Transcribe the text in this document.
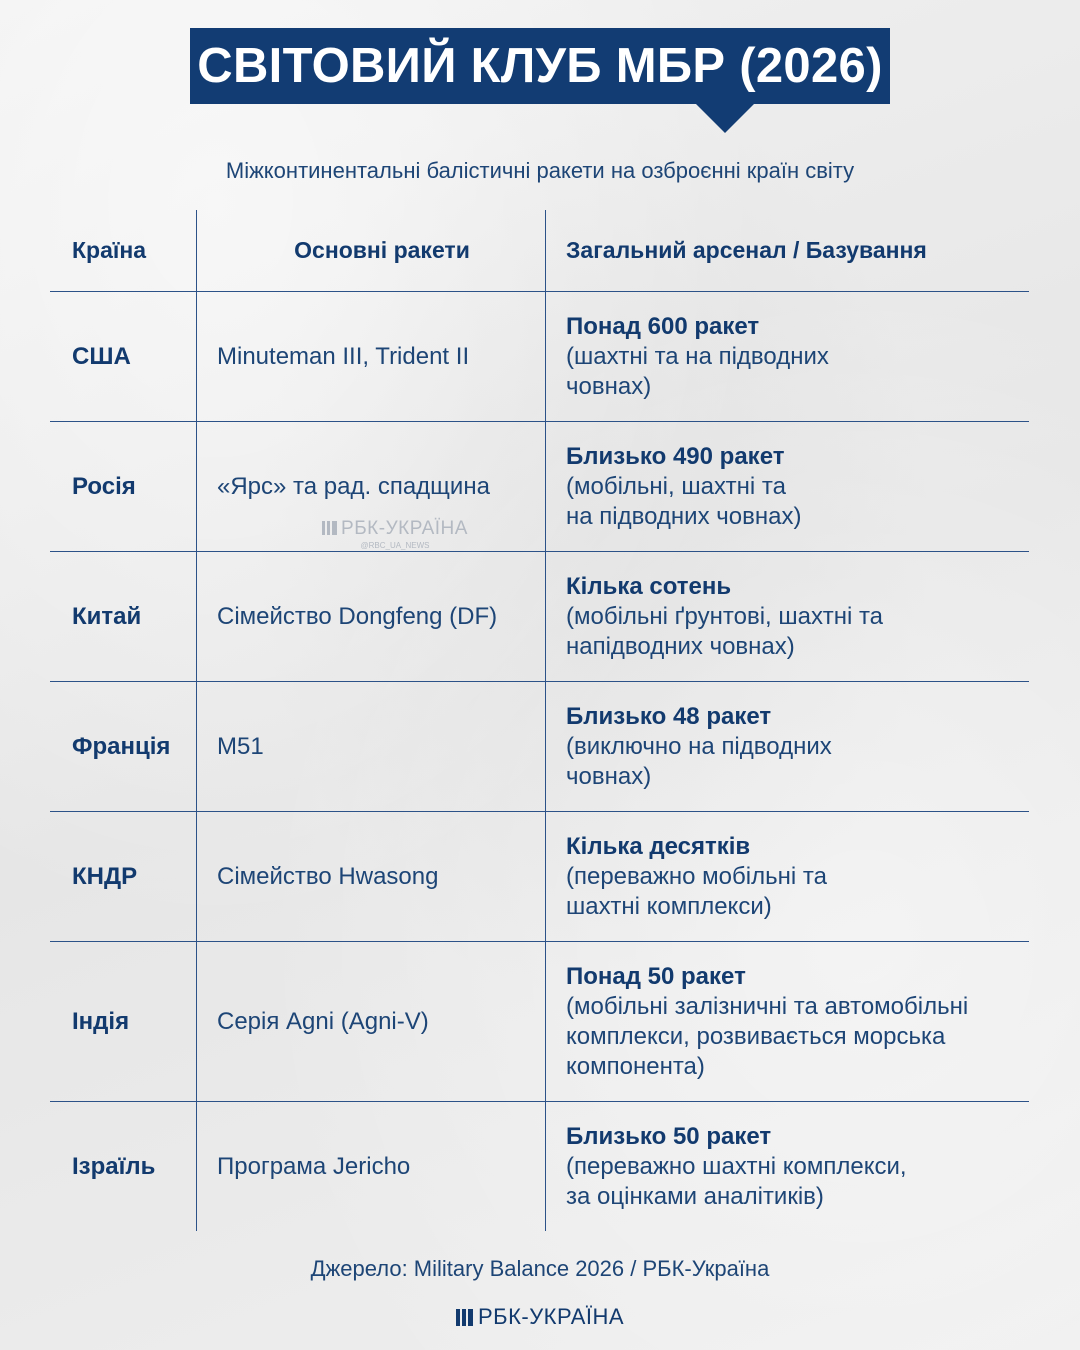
СВІТОВИЙ КЛУБ МБР (2026)
Міжконтинентальні балістичні ракети на озброєнні країн світу
Країна	Основні ракети	Загальний арсенал / Базування
США	Minuteman III, Trident II
Понад 600 ракет
(шахтні та на підводних
човнах)
Росія	«Ярс» та рад. спадщина
Близько 490 ракет
(мобільні, шахтні та
на підводних човнах)
Китай	Сімейство Dongfeng (DF)
Кілька сотень
(мобільні ґрунтові, шахтні та
напідводних човнах)
Франція	M51
Близько 48 ракет
(виключно на підводних
човнах)
КНДР	Сімейство Hwasong
Кілька десятків
(переважно мобільні та
шахтні комплекси)
Індія	Серія Agni (Agni-V)
Понад 50 ракет
(мобільні залізничні та автомобільні
комплекси, розвивається морська
компонента)
Ізраїль	Програма Jericho
Близько 50 ракет
(переважно шахтні комплекси,
за оцінками аналітиків)
РБК-УКРАЇНА
@RBC_UA_NEWS
Джерело: Military Balance 2026 / РБК-Україна
РБК-УКРАЇНА
